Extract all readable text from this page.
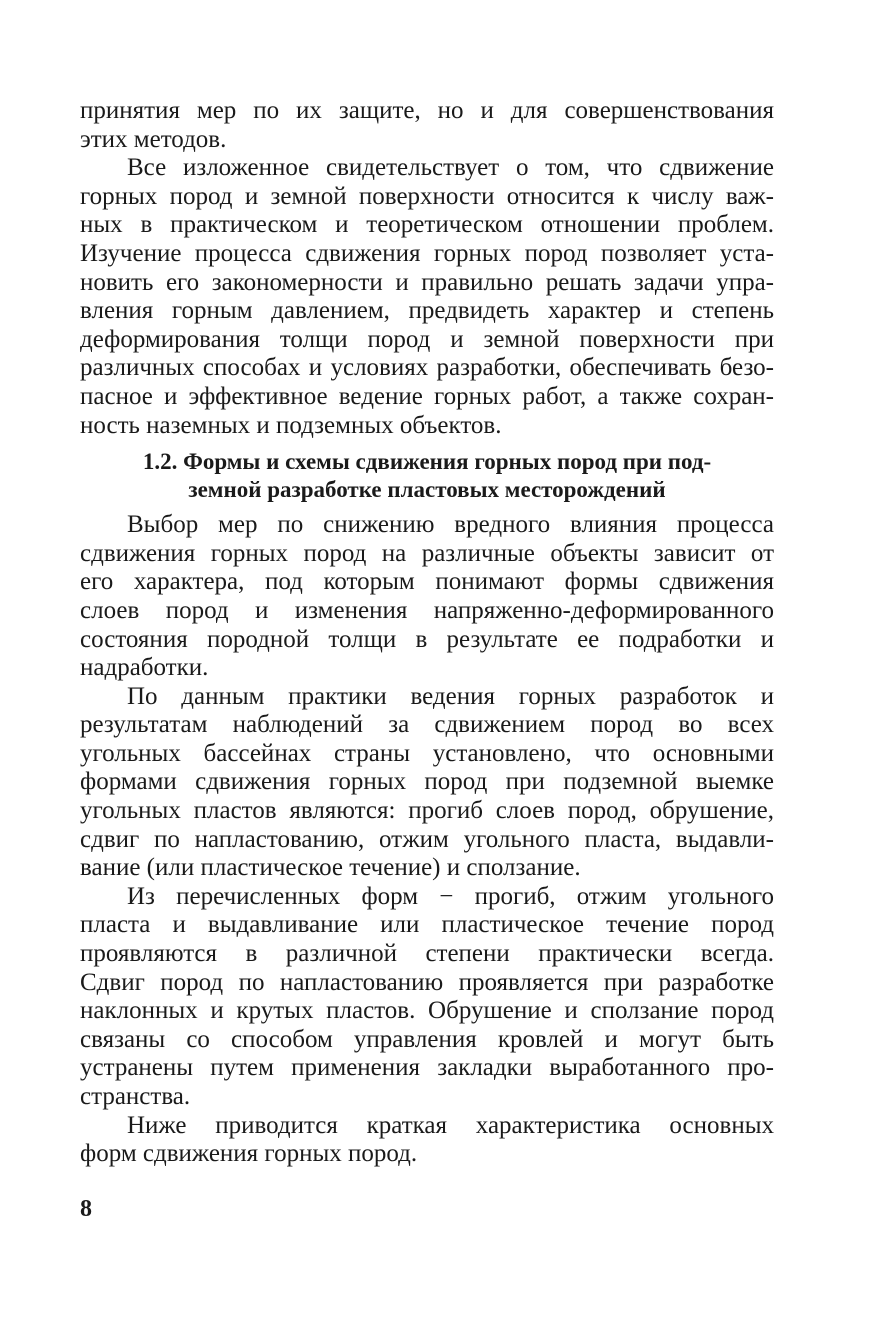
принятия мер по их защите, но и для совершенствования
этих методов.
Все изложенное свидетельствует о том, что сдвижение
горных пород и земной поверхности относится к числу важ-
ных в практическом и теоретическом отношении проблем.
Изучение процесса сдвижения горных пород позволяет уста-
новить его закономерности и правильно решать задачи упра-
вления горным давлением, предвидеть характер и степень
деформирования толщи пород и земной поверхности при
различных способах и условиях разработки, обеспечивать безо-
пасное и эффективное ведение горных работ, а также сохран-
ность наземных и подземных объектов.
1.2. Формы и схемы сдвижения горных пород при под-
земной разработке пластовых месторождений
Выбор мер по снижению вредного влияния процесса
сдвижения горных пород на различные объекты зависит от
его характера, под которым понимают формы сдвижения
слоев пород и изменения напряженно-деформированного
состояния породной толщи в результате ее подработки и
надработки.
По данным практики ведения горных разработок и
результатам наблюдений за сдвижением пород во всех
угольных бассейнах страны установлено, что основными
формами сдвижения горных пород при подземной выемке
угольных пластов являются: прогиб слоев пород, обрушение,
сдвиг по напластованию, отжим угольного пласта, выдавли-
вание (или пластическое течение) и сползание.
Из перечисленных форм − прогиб, отжим угольного
пласта и выдавливание или пластическое течение пород
проявляются в различной степени практически всегда.
Сдвиг пород по напластованию проявляется при разработке
наклонных и крутых пластов. Обрушение и сползание пород
связаны со способом управления кровлей и могут быть
устранены путем применения закладки выработанного про-
странства.
Ниже приводится краткая характеристика основных
форм сдвижения горных пород.
8
